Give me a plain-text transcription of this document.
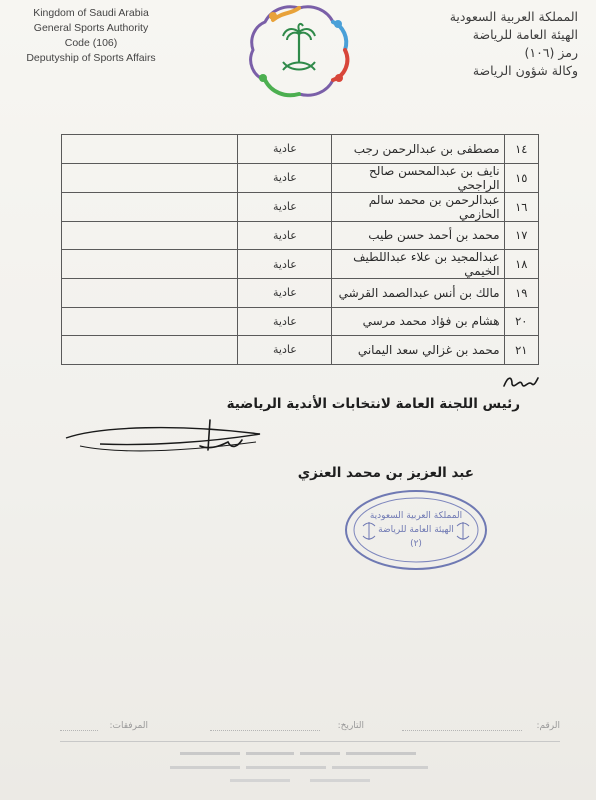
Kingdom of Saudi Arabia
General Sports Authority
Code (106)
Deputyship of Sports Affairs
المملكة العربية السعودية
الهيئة العامة للرياضة
رمز (١٠٦)
وكالة شؤون الرياضة
١٤	مصطفى بن عبدالرحمن رجب	عادية	
١٥	نايف بن عبدالمحسن صالح الراجحي	عادية	
١٦	عبدالرحمن بن محمد سالم الحازمي	عادية	
١٧	محمد بن أحمد حسن طيب	عادية	
١٨	عبدالمجيد بن علاء عبداللطيف الخيمي	عادية	
١٩	مالك بن أنس عبدالصمد القرشي	عادية	
٢٠	هشام بن فؤاد محمد مرسي	عادية	
٢١	محمد بن غزالي سعد اليماني	عادية	
رئيس اللجنة العامة لانتخابات الأندية الرياضية
عبد العزيز بن محمد العنزي
المملكة العربية السعودية
الهيئة العامة للرياضة
(٢)
الرقم:
التاريخ:
المرفقات:
